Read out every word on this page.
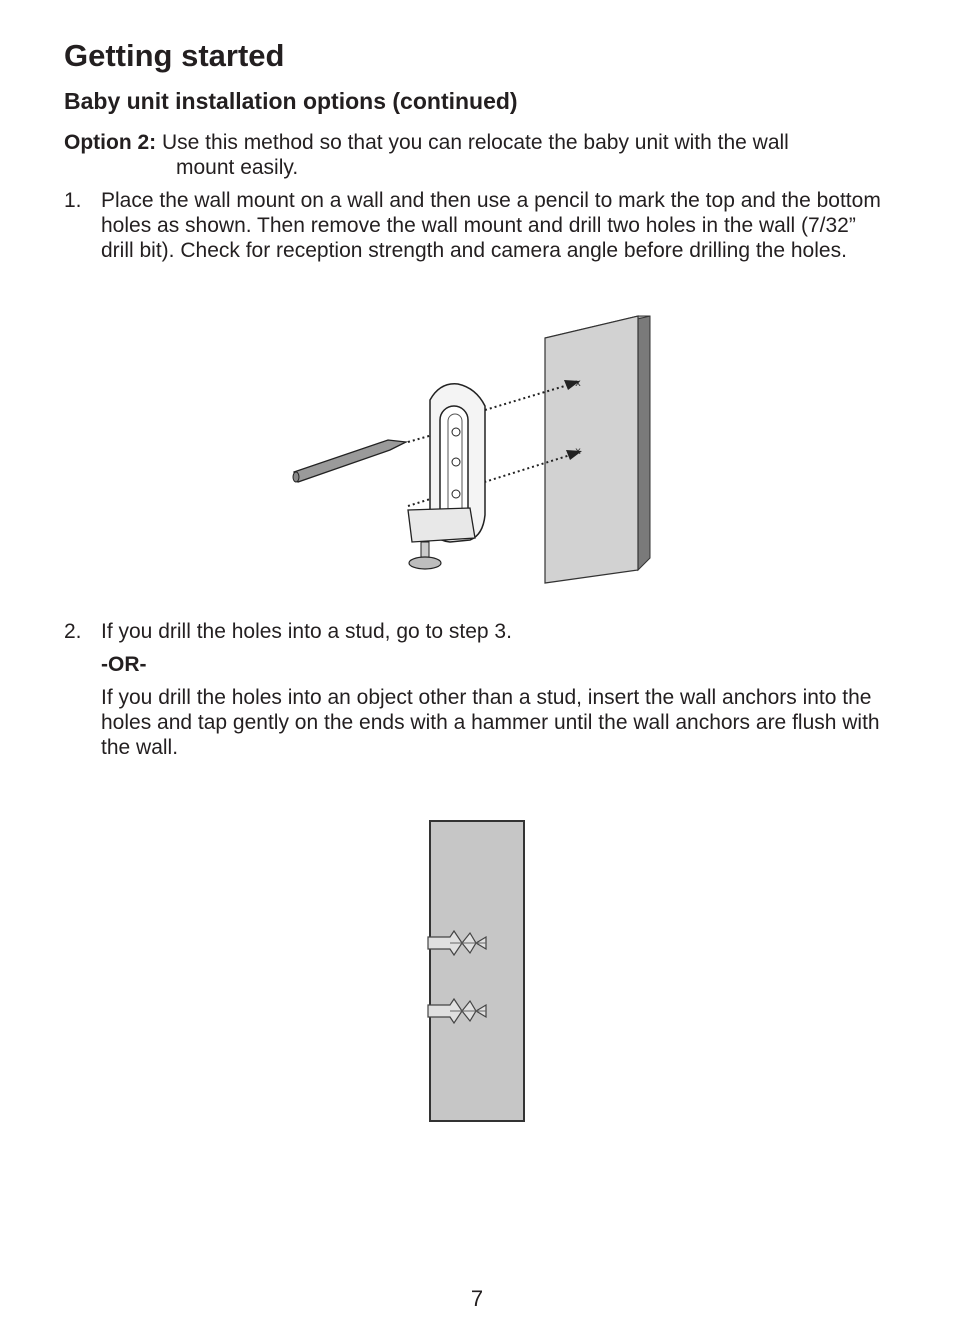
Getting started
Baby unit installation options (continued)
Option 2: Use this method so that you can relocate the baby unit with the wall
mount easily.
1. Place the wall mount on a wall and then use a pencil to mark the top and the bottom holes as shown. Then remove the wall mount and drill two holes in the wall (7/32” drill bit). Check for reception strength and camera angle before drilling the holes.
x
2. If you drill the holes into a stud, go to step 3.
-OR-
If you drill the holes into an object other than a stud, insert the wall anchors into the holes and tap gently on the ends with a hammer until the wall anchors are flush with the wall.
7
